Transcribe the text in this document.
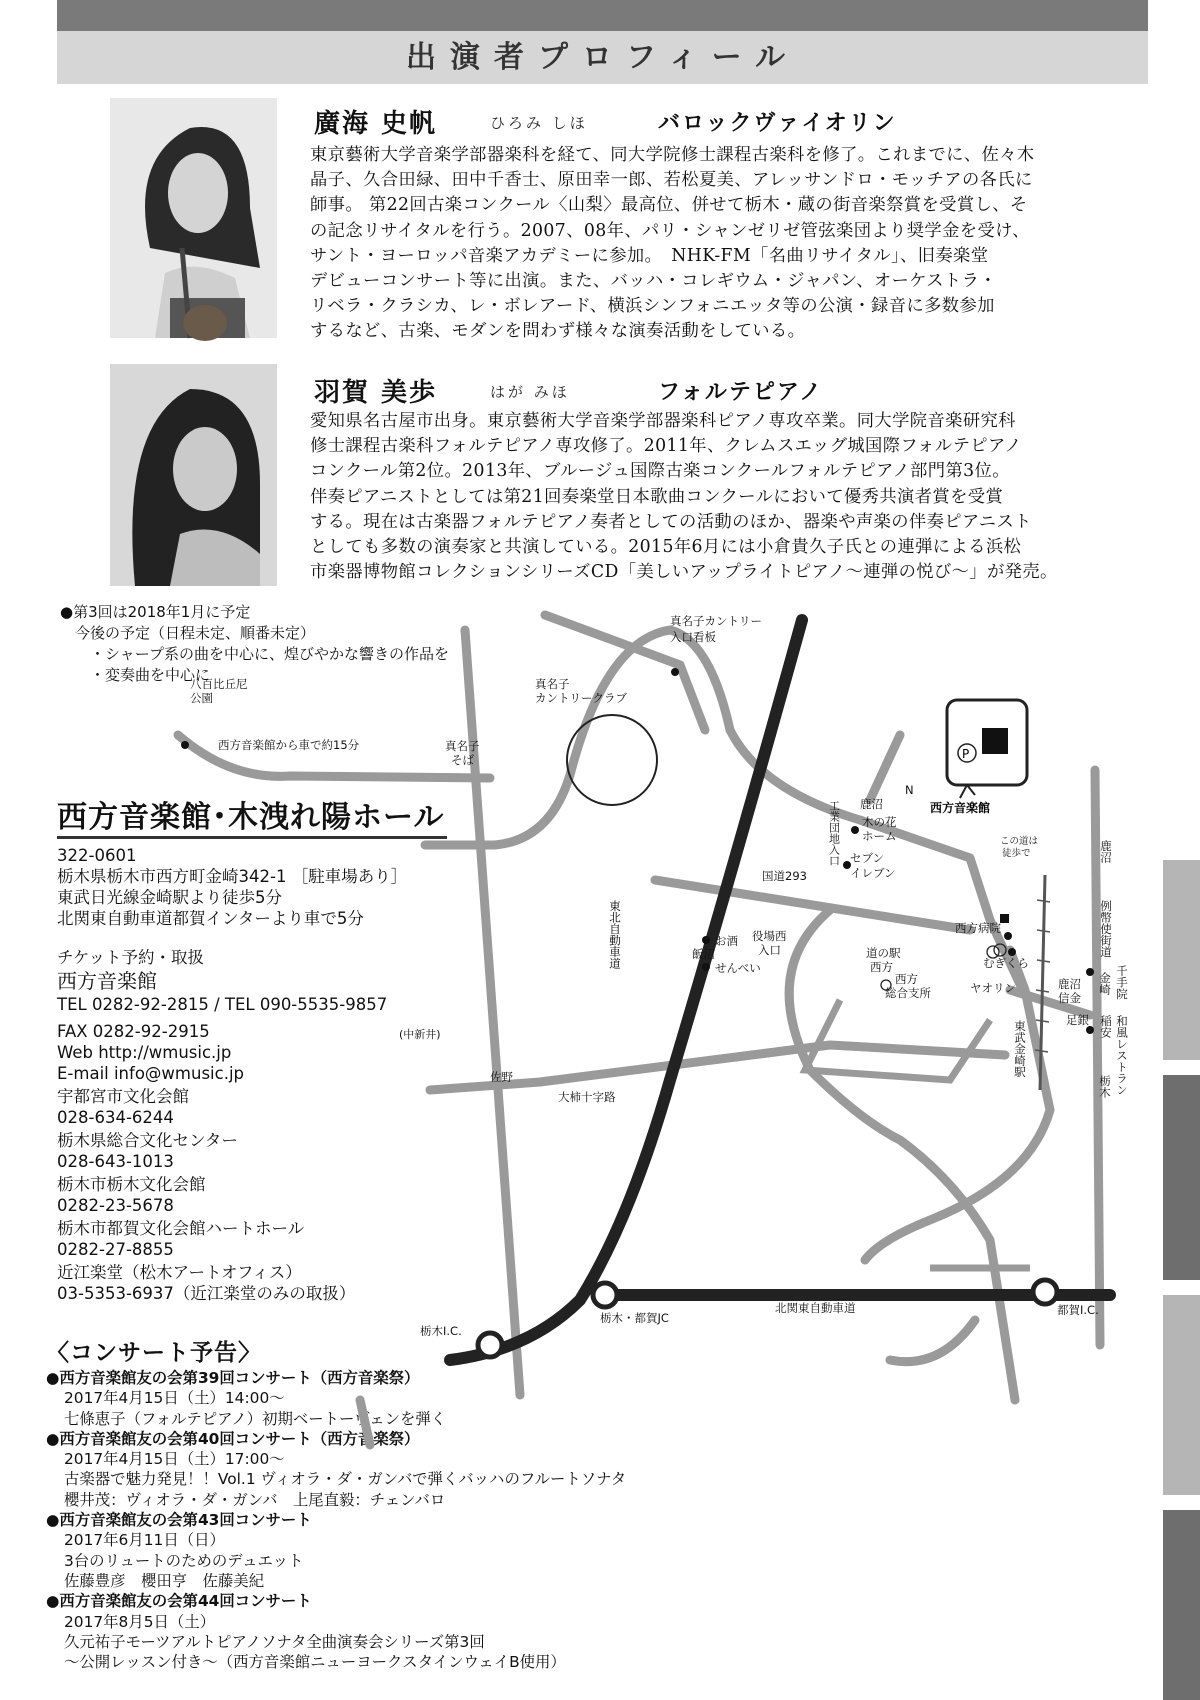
出演者プロフィール
廣海 史帆	ひろみ しほ	バロックヴァイオリン
東京藝術大学音楽学部器楽科を経て、同大学院修士課程古楽科を修了。これまでに、佐々木
晶子、久合田緑、田中千香士、原田幸一郎、若松夏美、アレッサンドロ・モッチアの各氏に
師事。 第22回古楽コンクール〈山梨〉最高位、併せて栃木・蔵の街音楽祭賞を受賞し、そ
の記念リサイタルを行う。2007、08年、パリ・シャンゼリゼ管弦楽団より奨学金を受け、
サント・ヨーロッパ音楽アカデミーに参加。　NHK-FM「名曲リサイタル」、旧奏楽堂
デビューコンサート等に出演。また、バッハ・コレギウム・ジャパン、オーケストラ・
リベラ・クラシカ、レ・ボレアード、横浜シンフォニエッタ等の公演・録音に多数参加
するなど、古楽、モダンを問わず様々な演奏活動をしている。
羽賀 美歩	はが みほ	フォルテピアノ
愛知県名古屋市出身。東京藝術大学音楽学部器楽科ピアノ専攻卒業。同大学院音楽研究科
修士課程古楽科フォルテピアノ専攻修了。2011年、クレムスエッグ城国際フォルテピアノ
コンクール第2位。2013年、ブルージュ国際古楽コンクールフォルテピアノ部門第3位。
伴奏ピアニストとしては第21回奏楽堂日本歌曲コンクールにおいて優秀共演者賞を受賞
する。現在は古楽器フォルテピアノ奏者としての活動のほか、器楽や声楽の伴奏ピアニスト
としても多数の演奏家と共演している。2015年6月には小倉貴久子氏との連弾による浜松
市楽器博物館コレクションシリーズCD「美しいアップライトピアノ～連弾の悦び～」が発売。
●第3回は2018年1月に予定
　今後の予定（日程未定、順番未定）
　　・シャープ系の曲を中心に、煌びやかな響きの作品を
　　・変奏曲を中心に
西方音楽館･木洩れ陽ホール
322-0601
栃木県栃木市西方町金崎342-1 ［駐車場あり］
東武日光線金崎駅より徒歩5分
北関東自動車道都賀インターより車で5分
チケット予約・取扱
西方音楽館
TEL 0282-92-2815 / TEL 090-5535-9857
FAX 0282-92-2915
Web http://wmusic.jp
E-mail info@wmusic.jp
宇都宮市文化会館
028-634-6244
栃木県総合文化センター
028-643-1013
栃木市栃木文化会館
0282-23-5678
栃木市都賀文化会館ハートホール
0282-27-8855
近江楽堂（松木アートオフィス）
03-5353-6937（近江楽堂のみの取扱）
(中新井)
〈コンサート予告〉
●西方音楽館友の会第39回コンサート（西方音楽祭）
2017年4月15日（土）14:00～
七條恵子（フォルテピアノ）初期ベートーヴェンを弾く
●西方音楽館友の会第40回コンサート（西方音楽祭）
2017年4月15日（土）17:00～
古楽器で魅力発見！！Vol.1 ヴィオラ・ダ・ガンバで弾くバッハのフルートソナタ
櫻井茂：ヴィオラ・ダ・ガンバ　上尾直毅：チェンバロ
●西方音楽館友の会第43回コンサート
2017年6月11日（日）
3台のリュートのためのデュエット
佐藤豊彦　櫻田亨　佐藤美紀
●西方音楽館友の会第44回コンサート
2017年8月5日（土）
久元祐子モーツアルトピアノソナタ全曲演奏会シリーズ第3回
～公開レッスン付き～（西方音楽館ニューヨークスタインウェイB使用）
P
八百比丘尼
公園
西方音楽館から車で約15分	真名子
そば
真名子カントリー
入口看板
真名子
カントリークラブ
佐野
大柿十字路
栃木I.C.
栃木・都賀JC
北関東自動車道	都賀I.C.
工業団地入口 鹿沼
木の花
ホーム
セブン
イレブン
国道293
お酒
飯沼
せんべい
役場西
入口	道の駅
西方
西方
総合支所
西方病院
むぎくら
ヤオリン
この道は
徒歩で
例幣使街道
鹿沼
千手院
金崎
和風レストラン
稲安
鹿沼
信金
足銀
東武金崎駅
栃木
N
西方音楽館
東北自動車道
